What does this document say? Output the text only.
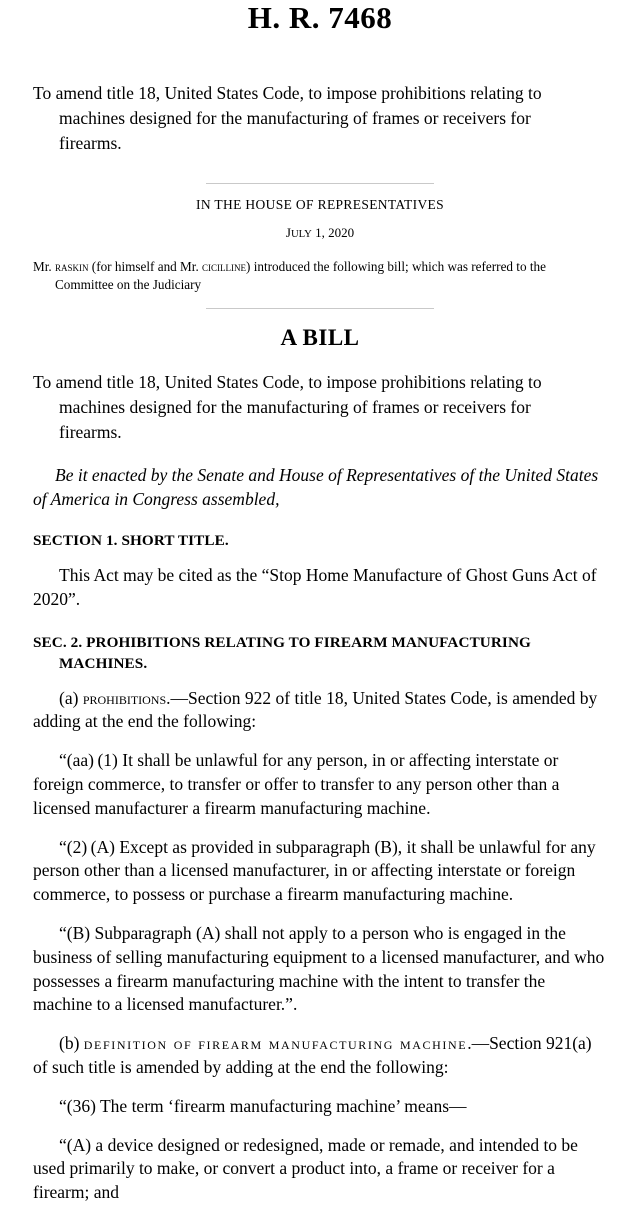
H. R. 7468

To amend title 18, United States Code, to impose prohibitions relating to
machines designed for the manufacturing of frames or receivers for
firearms.

IN THE HOUSE OF REPRESENTATIVES

JULY 1, 2020

Mr. raskin (for himself and Mr. cicilline) introduced the following bill; which was referred to the
Committee on the Judiciary

A BILL

To amend title 18, United States Code, to impose prohibitions relating to
machines designed for the manufacturing of frames or receivers for
firearms.

Be it enacted by the Senate and House of Representatives of the United States of America in Congress assembled,

SECTION 1. SHORT TITLE.

This Act may be cited as the “Stop Home Manufacture of Ghost Guns Act of 2020”.

SEC. 2. PROHIBITIONS RELATING TO FIREARM MANUFACTURING
MACHINES.

(a) prohibitions.—Section 922 of title 18, United States Code, is amended by adding at the end the following:

“(aa) (1) It shall be unlawful for any person, in or affecting interstate or foreign commerce, to transfer or offer to transfer to any person other than a licensed manufacturer a firearm manufacturing machine.

“(2) (A) Except as provided in subparagraph (B), it shall be unlawful for any person other than a licensed manufacturer, in or affecting interstate or foreign commerce, to possess or purchase a firearm manufacturing machine.

“(B) Subparagraph (A) shall not apply to a person who is engaged in the business of selling manufacturing equipment to a licensed manufacturer, and who possesses a firearm manufacturing machine with the intent to transfer the machine to a licensed manufacturer.”.

(b) definition of firearm manufacturing machine.—Section 921(a) of such title is amended by adding at the end the following:

“(36) The term ‘firearm manufacturing machine’ means—

“(A) a device designed or redesigned, made or remade, and intended to be used primarily to make, or convert a product into, a frame or receiver for a firearm; and
